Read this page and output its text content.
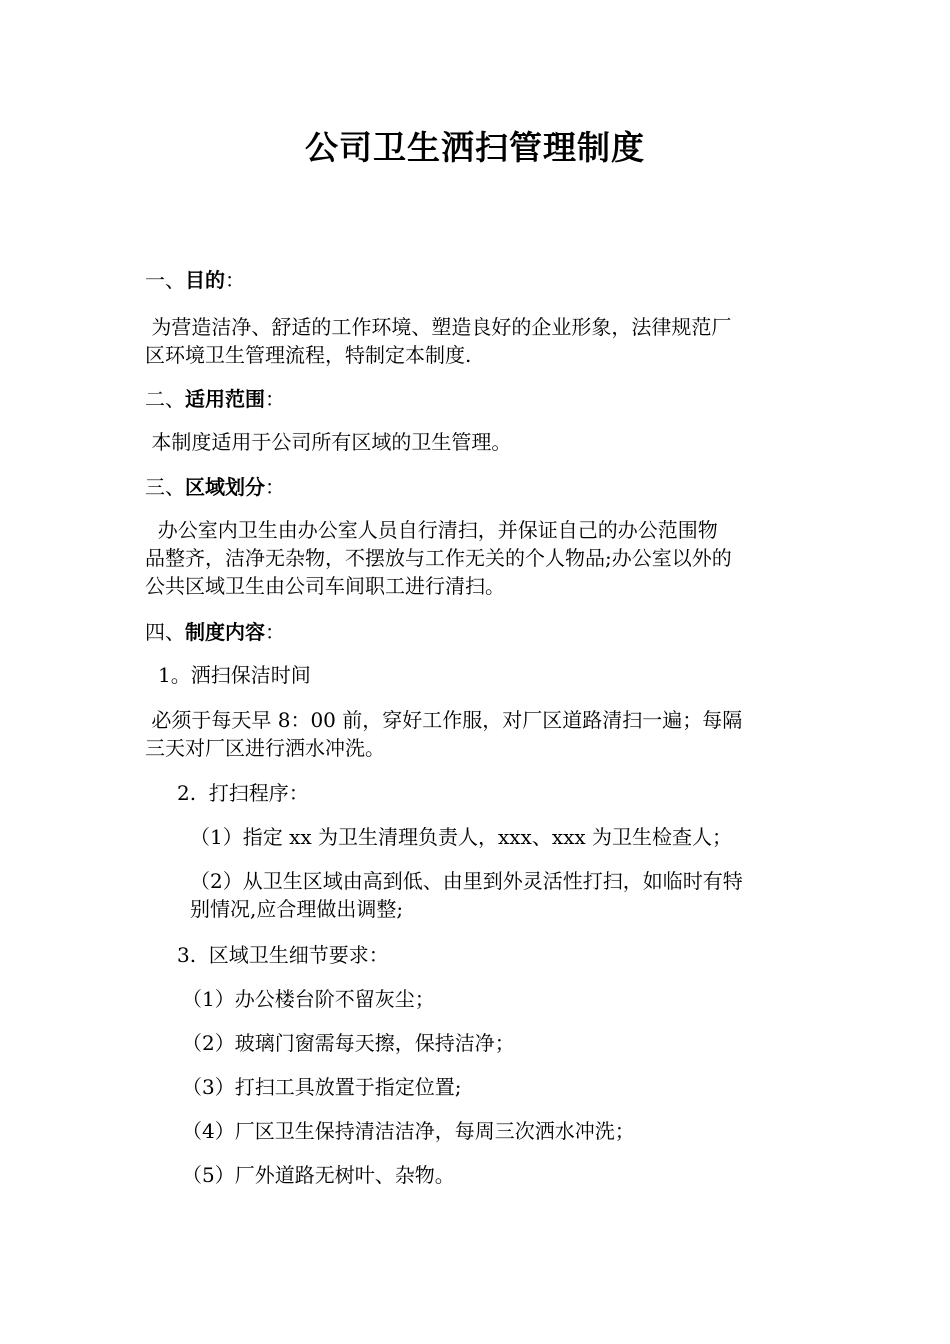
公司卫生洒扫管理制度
一、目的：
为营造洁净、舒适的工作环境、塑造良好的企业形象，法律规范厂
区环境卫生管理流程，特制定本制度.
二、适用范围：
本制度适用于公司所有区域的卫生管理。
三、区域划分：
办公室内卫生由办公室人员自行清扫，并保证自己的办公范围物
品整齐，洁净无杂物，不摆放与工作无关的个人物品;办公室以外的
公共区域卫生由公司车间职工进行清扫。
四、制度内容：
1。洒扫保洁时间
必须于每天早 8：00 前，穿好工作服，对厂区道路清扫一遍；每隔
三天对厂区进行洒水冲洗。
2.  打扫程序：
（1）指定 xx 为卫生清理负责人，xxx、xxx 为卫生检查人；
（2）从卫生区域由高到低、由里到外灵活性打扫，如临时有特
别情况,应合理做出调整;
3.  区域卫生细节要求：
（1）办公楼台阶不留灰尘；
（2）玻璃门窗需每天擦，保持洁净；
（3）打扫工具放置于指定位置;
（4）厂区卫生保持清洁洁净，每周三次洒水冲洗；
（5）厂外道路无树叶、杂物。
